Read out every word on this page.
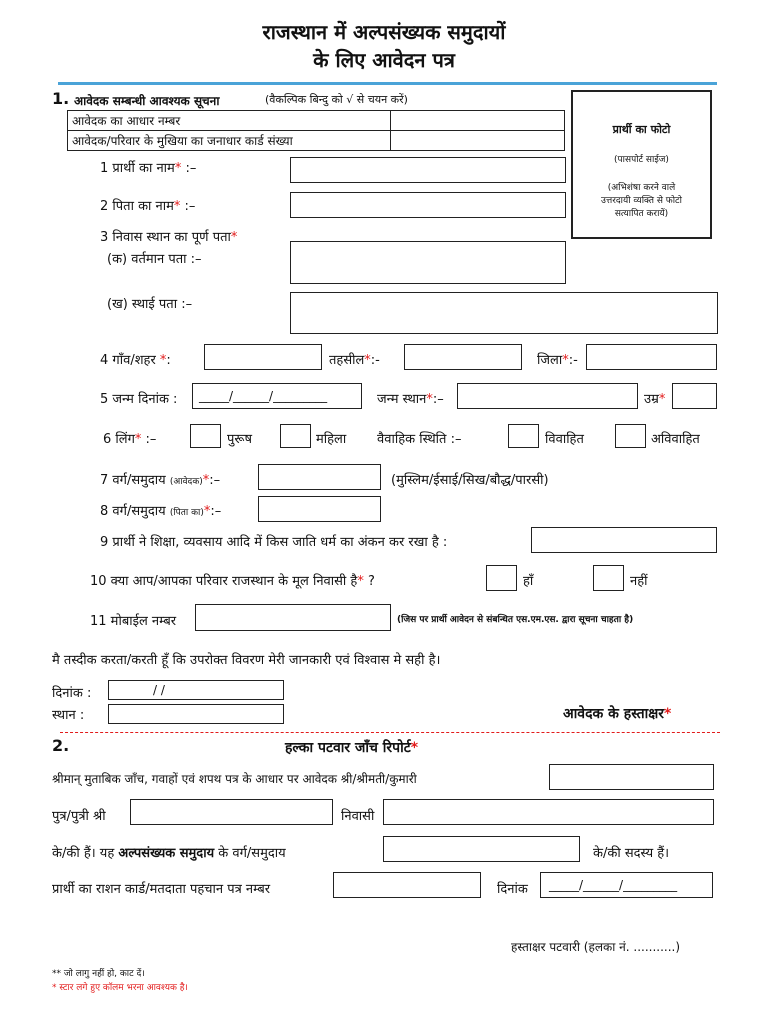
राजस्थान में अल्पसंख्यक समुदायों
के लिए आवेदन पत्र
1. आवेदक सम्बन्धी आवश्यक सूचना	(वैकल्पिक बिन्दु को √ से चयन करें)
आवेदक का आधार नम्बर	
आवेदक/परिवार के मुखिया का जनाधार कार्ड संख्या	
प्रार्थी का फोटो
(पासपोर्ट साईज)
(अभिशंषा करने वाले
उत्तरदायी व्यक्ति से फोटो
सत्यापित करायें)
1 प्रार्थी का नाम* :–
2 पिता का नाम* :–
3 निवास स्थान का पूर्ण पता*
(क) वर्तमान पता :–
(ख) स्थाई पता :–
4 गाँव/शहर *:	तहसील*:-	जिला*:-
5 जन्म दिनांक : _____/______/_________	जन्म स्थान*:–	उम्र*
6 लिंग* :–	पुरूष	महिला वैवाहिक स्थिति :–	विवाहित	अविवाहित
7 वर्ग/समुदाय (आवेदक)*:–	(मुस्लिम/ईसाई/सिख/बौद्ध/पारसी)
8 वर्ग/समुदाय (पिता का)*:–
9 प्रार्थी ने शिक्षा, व्यवसाय आदि में किस जाति धर्म का अंकन कर रखा है :
10 क्या आप/आपका परिवार राजस्थान के मूल निवासी है* ?	हाँ	नहीं
11 मोबाईल नम्बर	(जिस पर प्रार्थी आवेदन से संबन्धित एस.एम.एस. द्वारा सूचना चाहता है)
मै तस्दीक करता/करती हूँ कि उपरोक्त विवरण मेरी जानकारी एवं विश्वास मे सही है।
दिनांक :	/ /
स्थान :	आवेदक के हस्ताक्षर*
2.	हल्का पटवार जाँच रिपोर्ट*
श्रीमान् मुताबिक जाँच, गवाहों एवं शपथ पत्र के आधार पर आवेदक श्री/श्रीमती/कुमारी
पुत्र/पुत्री श्री	निवासी
के/की हैं। यह अल्पसंख्यक समुदाय के वर्ग/समुदाय	के/की सदस्य हैं।
प्रार्थी का राशन कार्ड/मतदाता पहचान पत्र नम्बर	दिनांक _____/______/_________
हस्ताक्षर पटवारी (हलका नं. ...........)
** जो लागु नहीं हो, काट दें।
* स्टार लगे हुए कॉलम भरना आवश्यक है।
